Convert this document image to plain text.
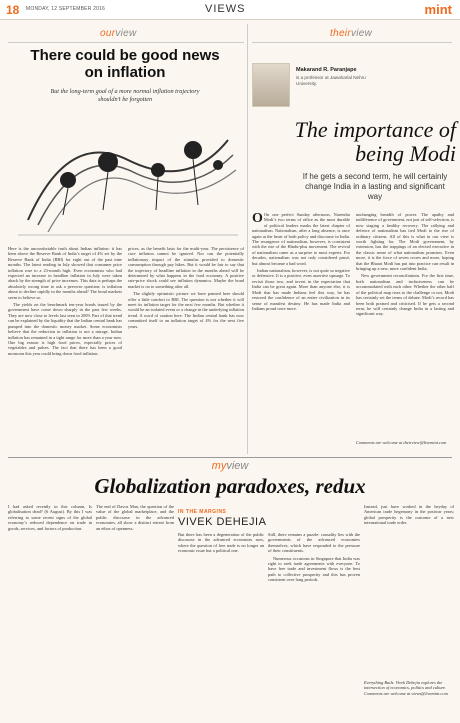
18 MONDAY, 12 SEPTEMBER 2016	VIEWS	mint
ourview
There could be good news on inflation
But the long-term goal of a more normal inflation trajectory shouldn’t be forgotten

Here is the uncomfortable truth about Indian inflation: it has been above the Reserve Bank of India’s target of 4% set by the Reserve Bank of India (RBI) for eight out of the past nine months. The latest reading in July showed that consumer price inflation rose to a 23-month high. Even economists who had expected an increase in headline inflation in July were taken aback by the strength of price increases. This data is perhaps the absolutely wrong time to ask a perverse question: is inflation about to decline rapidly in the months ahead? The bond markets seem to believe so.

The yields on the benchmark ten-year bonds issued by the government have come down sharply in the past few weeks. They are now close to levels last seen in 2009. Part of that trend can be explained by the liquidity that the Indian central bank has pumped into the domestic money market. Some economists believe that the reduction in inflation is not a mirage. Indian inflation has remained in a tight range for more than a year now. One big reason is high food prices, especially prices of vegetables and pulses. The fact that there has been a good monsoon this year could bring down food inflation.

prices, as the benefit lasts for the multi-year. The persistence of core inflation cannot be ignored. Nor can the potentially inflationary impact of the stimulus provided to domestic consumption through pay hikes. But it would be fair to say that the trajectory of headline inflation in the months ahead will be determined by what happens in the food economy. A positive rate-price shock could see inflation dynamics. Maybe the bond market is on to something after all.

The slightly optimistic picture we have painted here should offer a little comfort to RBI. The question is not whether it will meet its inflation target for the next few months. But whether it would be an isolated event or a change in the underlying inflation trend. A word of caution here. The Indian central bank has now committed itself to an inflation target of 4% for the next five years.

theirview
Makarand R. Paranjape
is a professor at Jawaharlal Nehru University.
The importance of being Modi
If he gets a second term, he will certainly change India in a lasting and significant way

O On one perfect Sunday afternoon, Narendra Modi’s two terms of office as the most durable of political leaders marks the latest chapter of nationalism. Nationalism, after a long absence, is once again at the heart of both policy and discourse in India. The resurgence of nationalism, however, is consistent with the rise of the Hindu-plus movement. The revival of nationalism came as a surprise to most experts. For decades, nationalism was not only considered passé, but almost became a bad word.

Indian nationalism, however, is not quite so negative or defensive. It is a positive, even assertive upsurge. To revisit those two, and invest in the expectation that India can be great again. More than anyone else, it is Modi that has made Indians feel this way, he has restored the confidence of an entire civilization in its sense of manifest destiny. He has made India and Indians proud once more.

unchanging breadth of power. The apathy and indifference of government, not just of self-selection, is now staging a healthy recovery. The rallying and defence of nationalism has tied Modi to the rise of ordinary citizens. All of this is what in our view is worth fighting for. The Modi government, by extension, has the trappings of an elected executive in the classic sense of what nationalism promises. Even more, it is the force of seven crores and more, hoping that the Bharat Modi has put into practice can result in bringing up a new, more confident India.

New government reconciliations. For the first time, both nationalism and inclusiveness can be accommodated with each other. Whether the other half of the political map rises to the challenge or not, Modi has certainly set the terms of debate. Modi’s record has been both praised and criticised. If he gets a second term, he will certainly change India in a lasting and significant way.

Comments are welcome at theirview@livemint.com
myview
Globalization paradoxes, redux
IN THE MARGINS
VIVEK DEHEJIA

I had asked recently in this column, Is globalisation dead? (6 August). By this I was referring to some recent signs of the global economy’s reduced dependence on trade in goods, services, and factors of production.

The end of Davos Man, the question of the value of the global marketplace, and the public discourse in the advanced economies, all show a distinct retreat from an ethos of openness.

But there has been a degeneration of the public discourse in the advanced economies now, where the question of free trade is no longer an economic issue but a political one.

Still, there remains a puzzle: causality lies with the governments of the advanced economies themselves, which have responded to the pressure of their constituents.

Numerous occasions in Singapore that India was right to seek trade agreements with everyone. To have free trade and investment flows is the best path to collective prosperity and this has proven consistent over long periods.

Instead, just have worked in the heyday of American trade hegemony in the postwar years; global prosperity is the outcome of a new international trade order.

Everything Bails. Vivek Dehejia explores the intersection of economics, politics and culture. Comments are welcome at views@livemint.com
